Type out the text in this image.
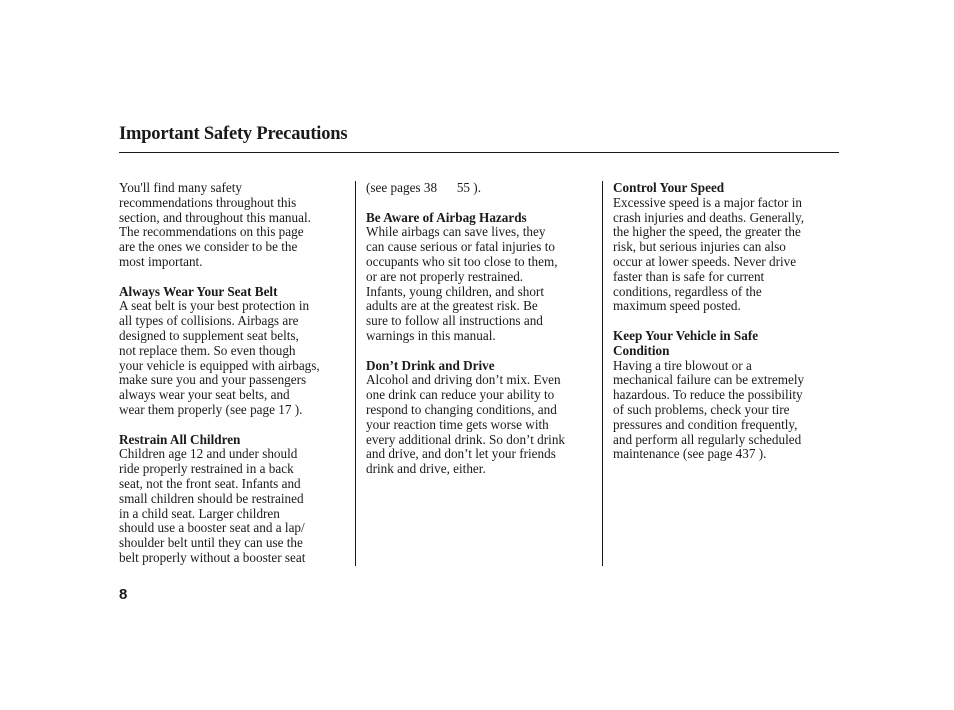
Important Safety Precautions

You'll find many safety
recommendations throughout this
section, and throughout this manual.
The recommendations on this page
are the ones we consider to be the
most important.

Always Wear Your Seat Belt

A seat belt is your best protection in
all types of collisions. Airbags are
designed to supplement seat belts,
not replace them. So even though
your vehicle is equipped with airbags,
make sure you and your passengers
always wear your seat belts, and
wear them properly (see page 17 ).

Restrain All Children

Children age 12 and under should
ride properly restrained in a back
seat, not the front seat. Infants and
small children should be restrained
in a child seat. Larger children
should use a booster seat and a lap/
shoulder belt until they can use the
belt properly without a booster seat

(see pages 38      55 ).

Be Aware of Airbag Hazards

While airbags can save lives, they
can cause serious or fatal injuries to
occupants who sit too close to them,
or are not properly restrained.
Infants, young children, and short
adults are at the greatest risk. Be
sure to follow all instructions and
warnings in this manual.

Don’t Drink and Drive

Alcohol and driving don’t mix. Even
one drink can reduce your ability to
respond to changing conditions, and
your reaction time gets worse with
every additional drink. So don’t drink
and drive, and don’t let your friends
drink and drive, either.

Control Your Speed

Excessive speed is a major factor in
crash injuries and deaths. Generally,
the higher the speed, the greater the
risk, but serious injuries can also
occur at lower speeds. Never drive
faster than is safe for current
conditions, regardless of the
maximum speed posted.

Keep Your Vehicle in Safe
Condition

Having a tire blowout or a
mechanical failure can be extremely
hazardous. To reduce the possibility
of such problems, check your tire
pressures and condition frequently,
and perform all regularly scheduled
maintenance (see page 437 ).

8
